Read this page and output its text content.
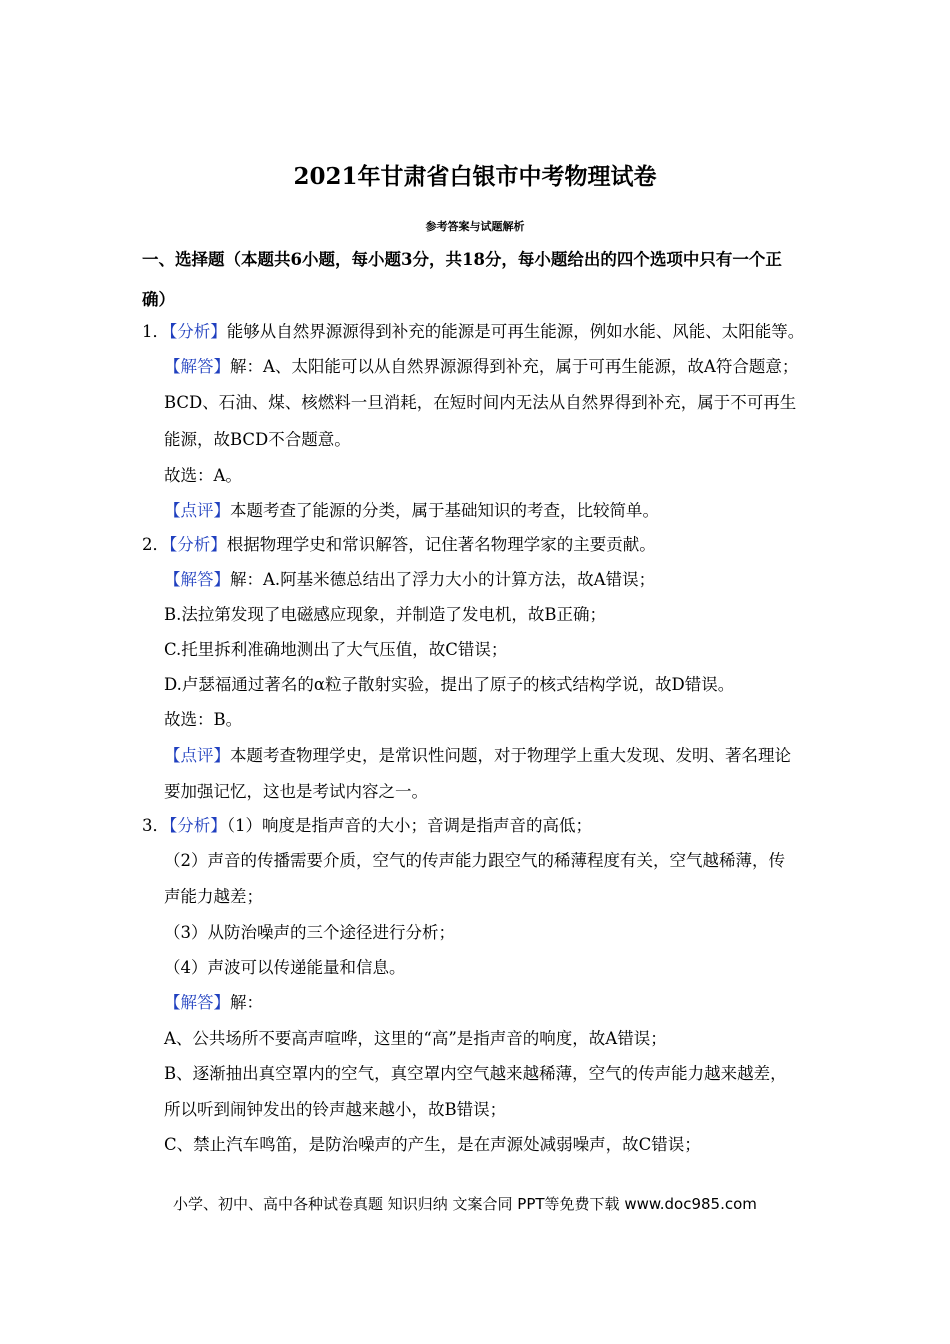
2021年甘肃省白银市中考物理试卷
参考答案与试题解析
一、选择题（本题共6小题，每小题3分，共18分，每小题给出的四个选项中只有一个正
确）
1．【分析】能够从自然界源源得到补充的能源是可再生能源，例如水能、风能、太阳能等。
【解答】解：A、太阳能可以从自然界源源得到补充，属于可再生能源，故A符合题意；
BCD、石油、煤、核燃料一旦消耗，在短时间内无法从自然界得到补充，属于不可再生
能源，故BCD不合题意。
故选：A。
【点评】本题考查了能源的分类，属于基础知识的考查，比较简单。
2．【分析】根据物理学史和常识解答，记住著名物理学家的主要贡献。
【解答】解：A.阿基米德总结出了浮力大小的计算方法，故A错误；
B.法拉第发现了电磁感应现象，并制造了发电机，故B正确；
C.托里拆利准确地测出了大气压值，故C错误；
D.卢瑟福通过著名的α粒子散射实验，提出了原子的核式结构学说，故D错误。
故选：B。
【点评】本题考查物理学史，是常识性问题，对于物理学上重大发现、发明、著名理论
要加强记忆，这也是考试内容之一。
3．【分析】（1）响度是指声音的大小；音调是指声音的高低；
（2）声音的传播需要介质，空气的传声能力跟空气的稀薄程度有关，空气越稀薄，传
声能力越差；
（3）从防治噪声的三个途径进行分析；
（4）声波可以传递能量和信息。
【解答】解：
A、公共场所不要高声喧哗，这里的“高”是指声音的响度，故A错误；
B、逐渐抽出真空罩内的空气，真空罩内空气越来越稀薄，空气的传声能力越来越差，
所以听到闹钟发出的铃声越来越小，故B错误；
C、禁止汽车鸣笛，是防治噪声的产生，是在声源处减弱噪声，故C错误；
小学、初中、高中各种试卷真题 知识归纳 文案合同 PPT等免费下载 www.doc985.com
